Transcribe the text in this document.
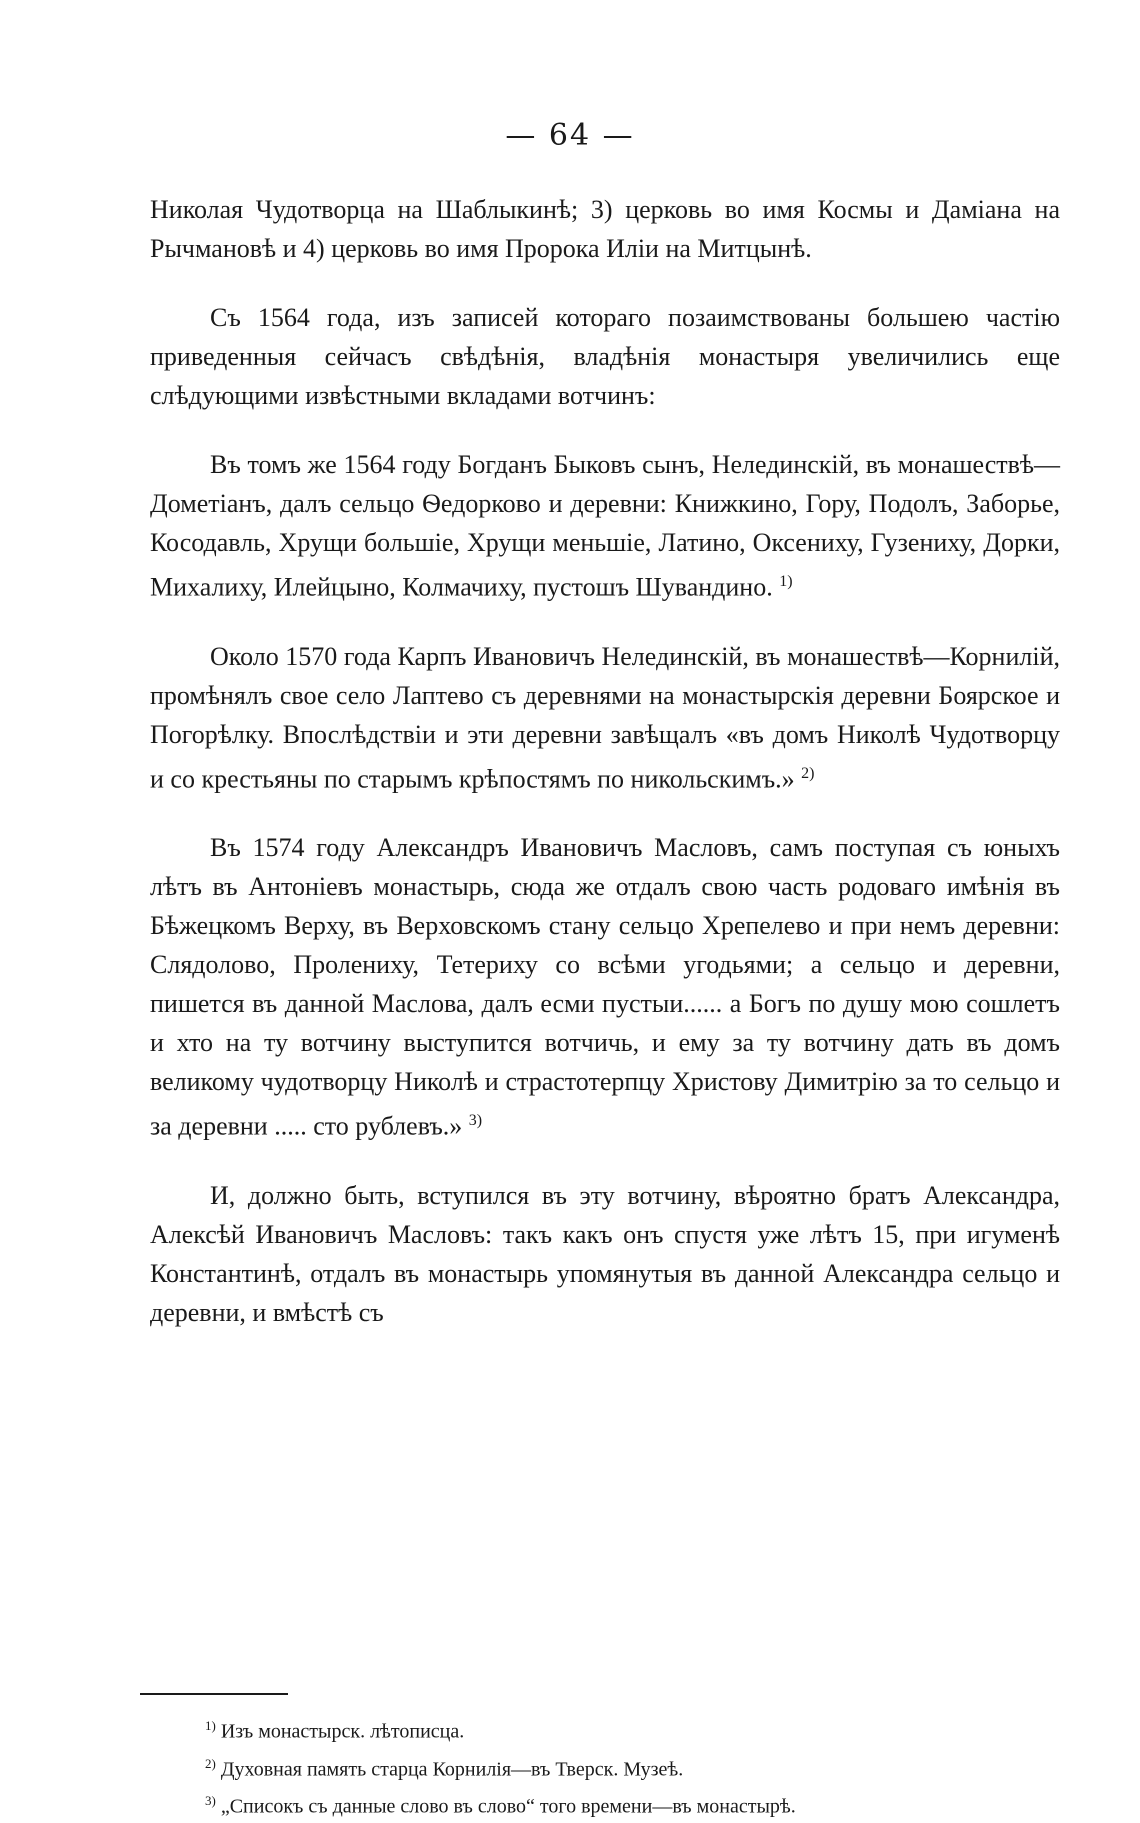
— 64 —

Николая Чудотворца на Шаблыкинѣ; 3) церковь во имя Космы и Даміана на Рычмановѣ и 4) церковь во имя Пророка Иліи на Митцынѣ.

Съ 1564 года, изъ записей котораго позаимствованы большею частію приведенныя сейчасъ свѣдѣнія, владѣнія монастыря увеличились еще слѣдующими извѣстными вкладами вотчинъ:

Въ томъ же 1564 году Богданъ Быковъ сынъ, Нелединскій, въ монашествѣ—Дометіанъ, далъ сельцо Ѳедорково и деревни: Книжкино, Гору, Подолъ, Заборье, Косодавль, Хрущи большіе, Хрущи меньшіе, Латино, Оксениху, Гузениху, Дорки, Михалиху, Илейцыно, Колмачиху, пустошъ Шувандино. $^{1)}$

Около 1570 года Карпъ Ивановичъ Нелединскій, въ монашествѣ—Корнилій, промѣнялъ свое село Лаптево съ деревнями на монастырскія деревни Боярское и Погорѣлку. Впослѣдствіи и эти деревни завѣщалъ «въ домъ Николѣ Чудотворцу и со крестьяны по старымъ крѣпостямъ по никольскимъ.» $^{2)}$

Въ 1574 году Александръ Ивановичъ Масловъ, самъ поступая съ юныхъ лѣтъ въ Антоніевъ монастырь, сюда же отдалъ свою часть родоваго имѣнія въ Бѣжецкомъ Верху, въ Верховскомъ стану сельцо Хрепелево и при немъ деревни: Слядолово, Пролениху, Тетериху со всѣми угодьями; а сельцо и деревни, пишется въ данной Маслова, далъ есми пустыи...... а Богъ по душу мою сошлетъ и хто на ту вотчину выступится вотчичь, и ему за ту вотчину дать въ домъ великому чудотворцу Николѣ и страстотерпцу Христову Димитрію за то сельцо и за деревни ..... сто рублевъ.» $^{3)}$

И, должно быть, вступился въ эту вотчину, вѣроятно братъ Александра, Алексѣй Ивановичъ Масловъ: такъ какъ онъ спустя уже лѣтъ 15, при игуменѣ Константинѣ, отдалъ въ монастырь упомянутыя въ данной Александра сельцо и деревни, и вмѣстѣ съ

$^{1)}$ Изъ монастырск. лѣтописца.
$^{2)}$ Духовная память старца Корнилія—въ Тверск. Музеѣ.
$^{3)}$ „Списокъ съ данные слово въ слово“ того времени—въ монастырѣ.
